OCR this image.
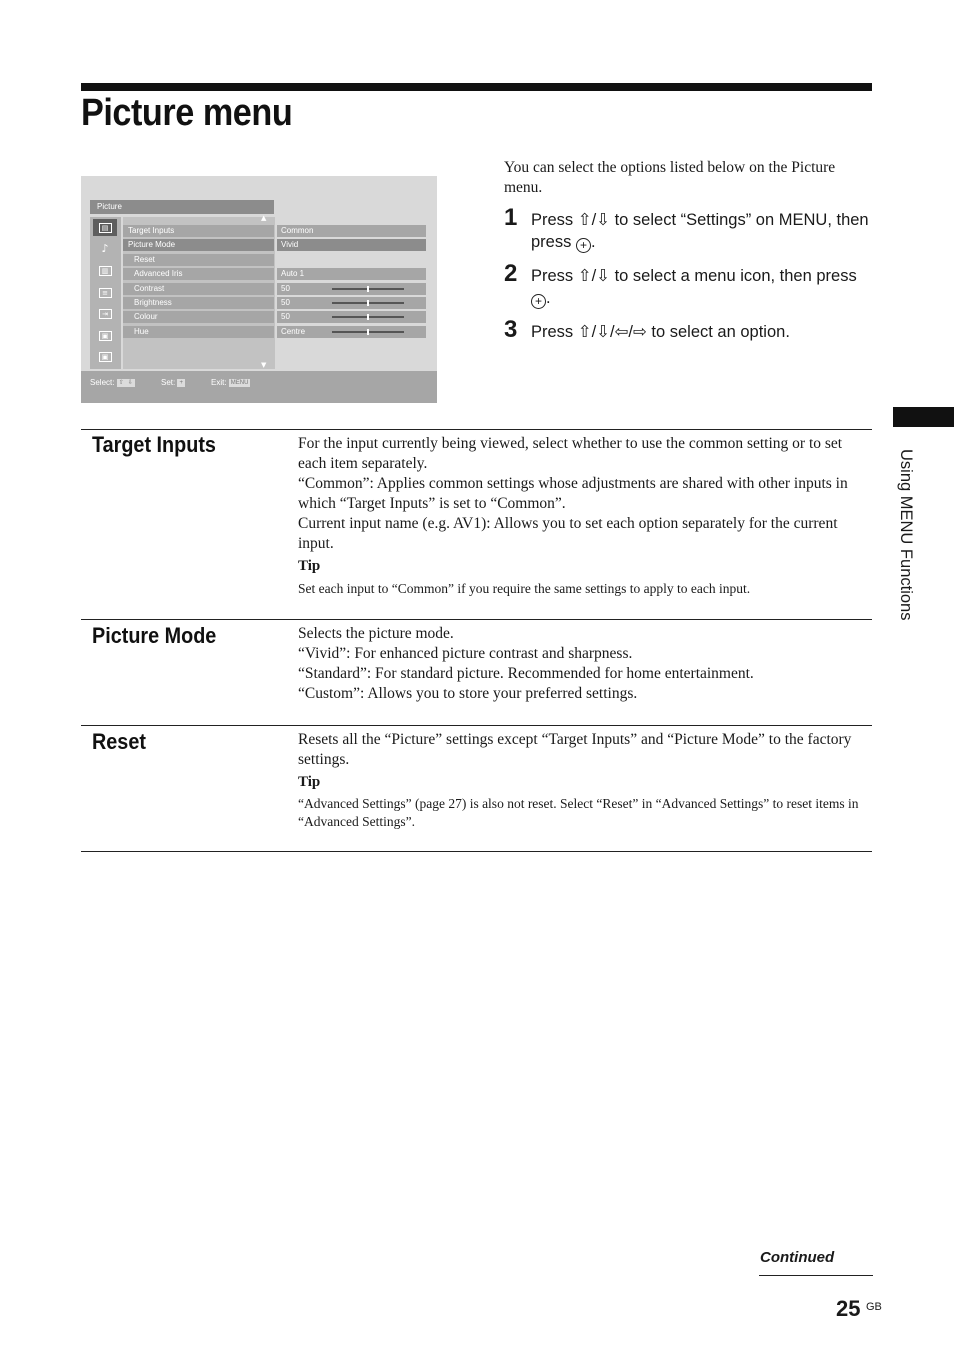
Picture menu
Picture
▤
♪
▥
≡
⇥
▣
▣
▲
▼
Target Inputs	Common
Picture Mode	Vivid
Reset
Advanced Iris	Auto 1
Contrast	50
Brightness	50
Colour	50
Hue	Centre
Select: ⇧ ⇩	Set: +	Exit: MENU

You can select the options listed below on the Picture menu.

1 Press ⇧/⇩ to select “Settings” on MENU, then press + .

2 Press ⇧/⇩ to select a menu icon, then press + .

3 Press ⇧/⇩/⇦/⇨ to select an option.

Target Inputs	For the input currently being viewed, select whether to use the common setting or to set each item separately.

“Common”: Applies common settings whose adjustments are shared with other inputs in which “Target Inputs” is set to “Common”.

Current input name (e.g. AV1): Allows you to set each option separately for the current input.

Tip

Set each input to “Common” if you require the same settings to apply to each input.

Picture Mode	Selects the picture mode.

“Vivid”: For enhanced picture contrast and sharpness.

“Standard”: For standard picture. Recommended for home entertainment.

“Custom”: Allows you to store your preferred settings.

Reset	Resets all the “Picture” settings except “Target Inputs” and “Picture Mode” to the factory settings.

Tip

“Advanced Settings” (page 27) is also not reset. Select “Reset” in “Advanced Settings” to reset items in “Advanced Settings”.

Using MENU Functions
Continued
25 GB
